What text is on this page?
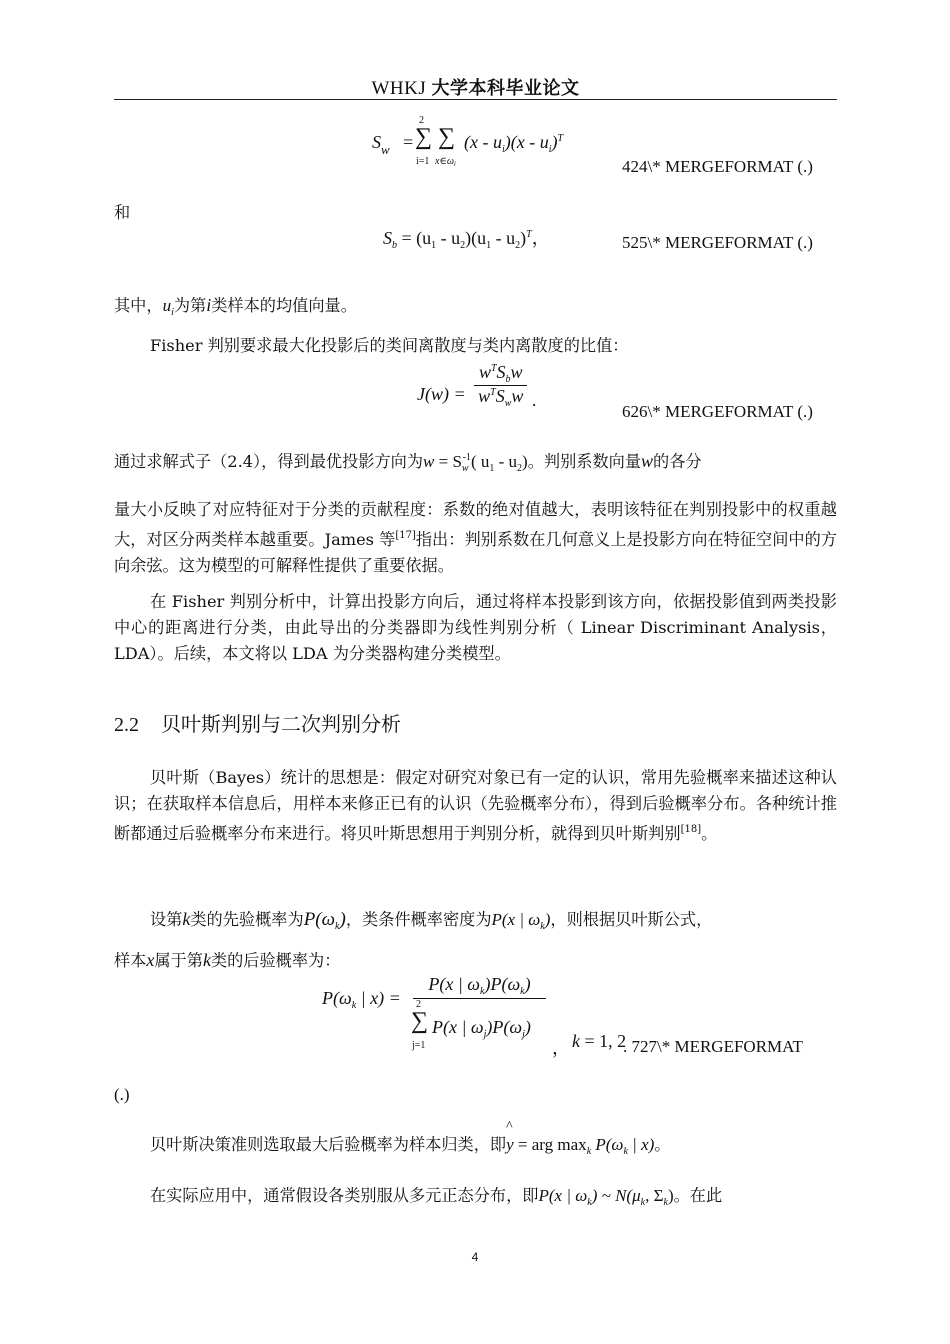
WHKJ 大学本科毕业论文
$S_w$ =
2
∑
i=1
∑
$x\in\omega_i$
$(x - u_i)(x - u_i)^T$
424\* MERGEFORMAT (.)
和
$S_b = (u_1 - u_2)(u_1 - u_2)^T$，	525\* MERGEFORMAT (.)
其中，$u_i$为第i类样本的均值向量。
Fisher 判别要求最大化投影后的类间离散度与类内离散度的比值：
$J(w) = \frac{w^TS_bw}{w^TS_ww}$ .
626\* MERGEFORMAT (.)
通过求解式子（2.4），得到最优投影方向为$w = S_w^{-1}$( $u_1 - u_2$)。判别系数向量w的各分
量大小反映了对应特征对于分类的贡献程度：系数的绝对值越大，表明该特征在判别投影中的权重越大，对区分两类样本越重要。James 等[17]指出：判别系数在几何意义上是投影方向在特征空间中的方向余弦。这为模型的可解释性提供了重要依据。
在 Fisher 判别分析中，计算出投影方向后，通过将样本投影到该方向，依据投影值到两类投影中心的距离进行分类，由此导出的分类器即为线性判别分析（ Linear Discriminant Analysis，LDA）。后续，本文将以 LDA 为分类器构建分类模型。
2.2 贝叶斯判别与二次判别分析
贝叶斯（Bayes）统计的思想是：假定对研究对象已有一定的认识，常用先验概率来描述这种认识；在获取样本信息后，用样本来修正已有的认识（先验概率分布），得到后验概率分布。各种统计推断都通过后验概率分布来进行。将贝叶斯思想用于判别分析，就得到贝叶斯判别[18]。
设第k类的先验概率为$P(\omega_k)$，类条件概率密度为P(x | $\omega_k$)，则根据贝叶斯公式，
样本x属于第k类的后验概率为：
$P(\omega_k$ | x) =
P(x | $\omega_k)P(\omega_k)$
2
∑
j=1
P(x | $\omega_j)P(\omega_j)$
， k = 1, 2
. 727\* MERGEFORMAT
(.)
贝叶斯决策准则选取最大后验概率为样本归类，即y
^
= arg $\max_k P(\omega_k$ | x)。
在实际应用中，通常假设各类别服从多元正态分布，即P(x | $\omega_k$) ~ $N(\mu_k$, $\Sigma_k$)。在此
4
